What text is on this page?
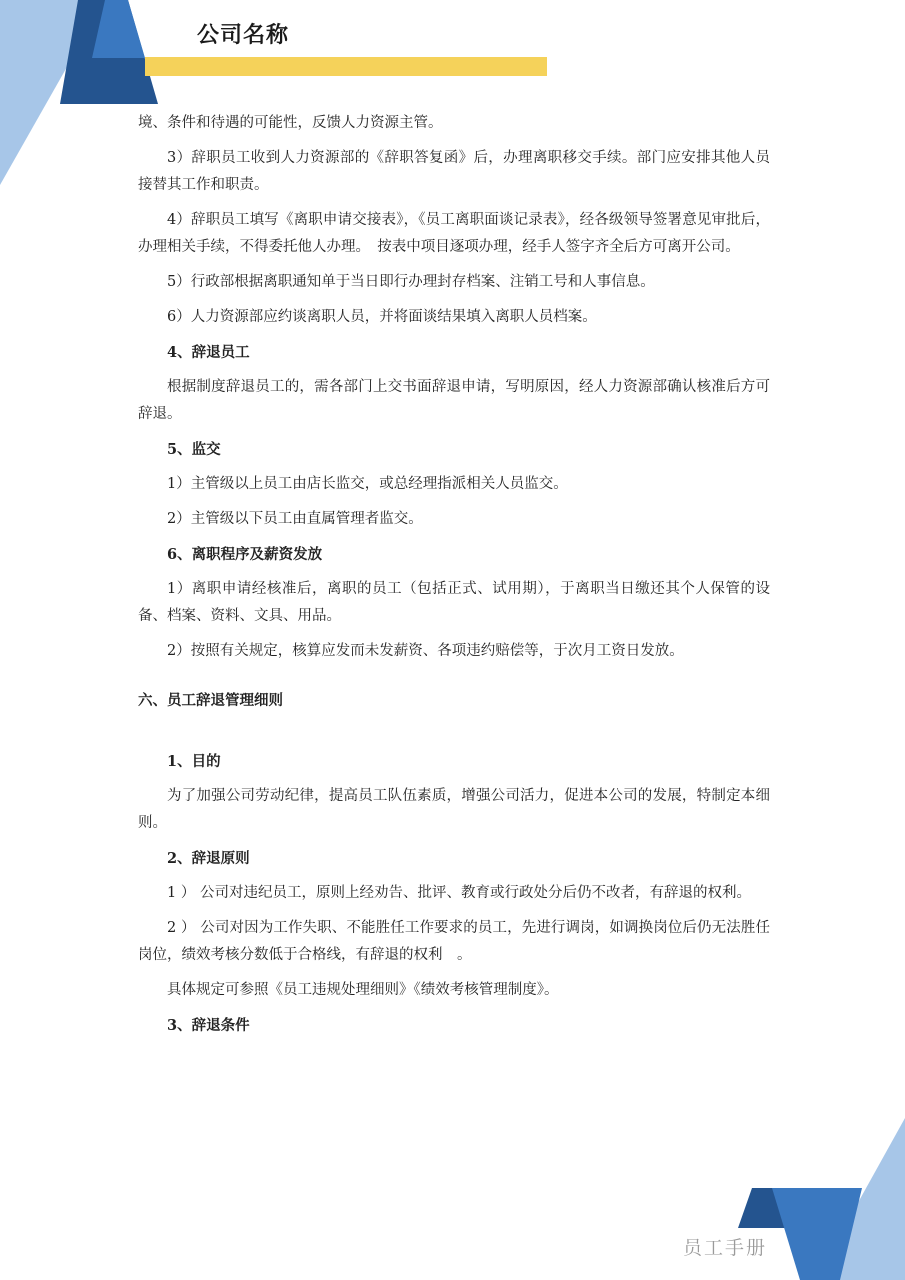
公司名称

境、条件和待遇的可能性，反馈人力资源主管。

3）辞职员工收到人力资源部的《辞职答复函》后，办理离职移交手续。部门应安排其他人员接替其工作和职责。

4）辞职员工填写《离职申请交接表》，《员工离职面谈记录表》，经各级领导签署意见审批后，办理相关手续，不得委托他人办理。　按表中项目逐项办理，经手人签字齐全后方可离开公司。

5）行政部根据离职通知单于当日即行办理封存档案、注销工号和人事信息。

6）人力资源部应约谈离职人员，并将面谈结果填入离职人员档案。

4、辞退员工

根据制度辞退员工的，需各部门上交书面辞退申请，写明原因，经人力资源部确认核准后方可辞退。

5、监交

1）主管级以上员工由店长监交，或总经理指派相关人员监交。

2）主管级以下员工由直属管理者监交。

6、离职程序及薪资发放

1）离职申请经核准后，离职的员工（包括正式、试用期），于离职当日缴还其个人保管的设备、档案、资料、文具、用品。

2）按照有关规定，核算应发而未发薪资、各项违约赔偿等，于次月工资日发放。

六、员工辞退管理细则

1、目的

为了加强公司劳动纪律，提高员工队伍素质，增强公司活力，促进本公司的发展，特制定本细则。

2、辞退原则

1 ） 公司对违纪员工，原则上经劝告、批评、教育或行政处分后仍不改者，有辞退的权利。

2 ） 公司对因为工作失职、不能胜任工作要求的员工，先进行调岗，如调换岗位后仍无法胜任岗位，绩效考核分数低于合格线，有辞退的权利　。

具体规定可参照《员工违规处理细则》《绩效考核管理制度》。

3、辞退条件

员工手册
